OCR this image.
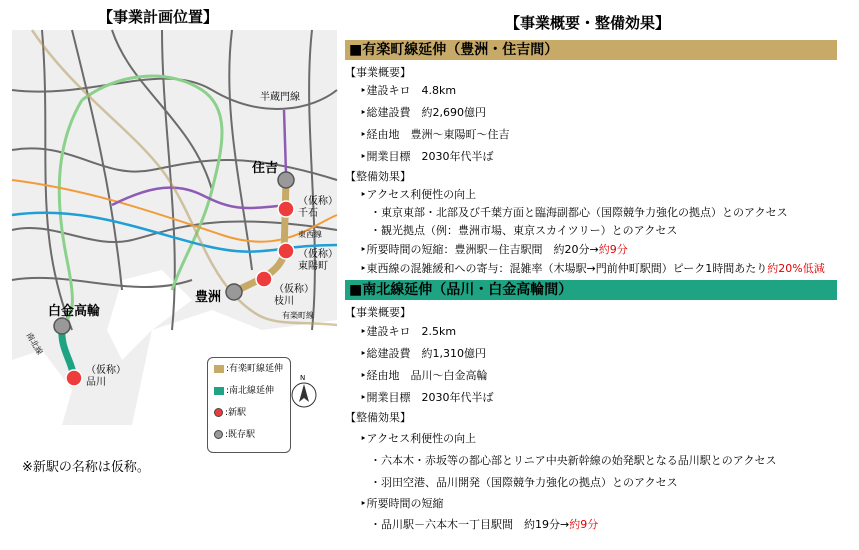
【事業計画位置】	【事業概要・整備効果】
半蔵門線
住吉
（仮称）千石
東西線
（仮称）東陽町
豊洲
（仮称）枝川
有楽町線
白金高輪
南北線
（仮称）品川
:有楽町線延伸
:南北線延伸
:新駅
:既存駅
N
※新駅の名称は仮称。
■有楽町線延伸（豊洲・住吉間）
【事業概要】
‣建設キロ　4.8km
‣総建設費　約2,690億円
‣経由地　豊洲～東陽町～住吉
‣開業目標　2030年代半ば
【整備効果】
‣アクセス利便性の向上
・東京東部・北部及び千葉方面と臨海副都心（国際競争力強化の拠点）とのアクセス
・観光拠点（例：豊洲市場、東京スカイツリー）とのアクセス
‣所要時間の短縮：豊洲駅－住吉駅間　約20分→約9分
‣東西線の混雑緩和への寄与：混雑率（木場駅→門前仲町駅間）ピーク1時間あたり約20%低減
■南北線延伸（品川・白金高輪間）
【事業概要】
‣建設キロ　2.5km
‣総建設費　約1,310億円
‣経由地　品川～白金高輪
‣開業目標　2030年代半ば
【整備効果】
‣アクセス利便性の向上
・六本木・赤坂等の都心部とリニア中央新幹線の始発駅となる品川駅とのアクセス
・羽田空港、品川開発（国際競争力強化の拠点）とのアクセス
‣所要時間の短縮
・品川駅－六本木一丁目駅間　約19分→約9分
